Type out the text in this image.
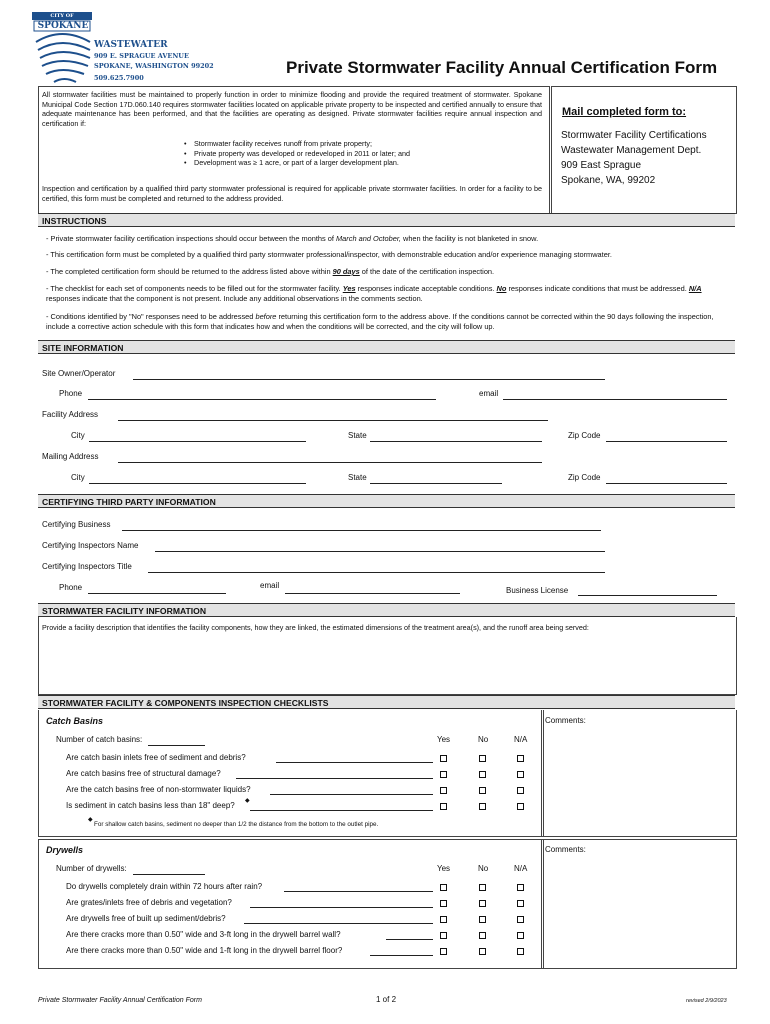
CITY OF
SPOKANE
WASTEWATER
909 E. SPRAGUE AVENUE
SPOKANE, WASHINGTON 99202
509.625.7900
Private Stormwater Facility Annual Certification Form
All stormwater facilities must be maintained to properly function in order to minimize flooding and provide the required treatment of stormwater. Spokane Municipal Code Section 17D.060.140 requires stormwater facilities located on applicable private property to be inspected and certified annually to ensure that adequate maintenance has been performed, and that the facilities are operating as designed. Private stormwater facilities require annual inspection and certification if:
• Stormwater facility receives runoff from private property;
• Private property was developed or redeveloped in 2011 or later; and
• Development was ≥ 1 acre, or part of a larger development plan.
Inspection and certification by a qualified third party stormwater professional is required for applicable private stormwater facilities. In order for a facility to be certified, this form must be completed and returned to the address provided.
Mail completed form to:
Stormwater Facility Certifications
Wastewater Management Dept.
909 East Sprague
Spokane, WA, 99202
INSTRUCTIONS
- Private stormwater facility certification inspections should occur between the months of March and October, when the facility is not blanketed in snow.
- This certification form must be completed by a qualified third party stormwater professional/inspector, with demonstrable education and/or experience managing stormwater.
- The completed certification form should be returned to the address listed above within 90 days of the date of the certification inspection.
- The checklist for each set of components needs to be filled out for the stormwater facility. Yes responses indicate acceptable conditions. No responses indicate conditions that must be addressed. N/A responses indicate that the component is not present. Include any additional observations in the comments section.
- Conditions identified by "No" responses need to be addressed before returning this certification form to the address above. If the conditions cannot be corrected within the 90 days following the inspection, include a corrective action schedule with this form that indicates how and when the conditions will be corrected, and the city will follow up.
SITE INFORMATION
Site Owner/Operator
Phone	email
Facility Address
City	State	Zip Code
Mailing Address
City	State	Zip Code
CERTIFYING THIRD PARTY INFORMATION
Certifying Business
Certifying Inspectors Name
Certifying Inspectors Title
Phone	email
Business License
STORMWATER FACILITY INFORMATION
Provide a facility description that identifies the facility components, how they are linked, the estimated dimensions of the treatment area(s), and the runoff area being served:
STORMWATER FACILITY & COMPONENTS INSPECTION CHECKLISTS
Comments:
Catch Basins
Number of catch basins:	Yes	No	N/A
Are catch basin inlets free of sediment and debris?
Are catch basins free of structural damage?
Are the catch basins free of non-stormwater liquids?
Is sediment in catch basins less than 18" deep? ◆
◆
For shallow catch basins, sediment no deeper than 1/2 the distance from the bottom to the outlet pipe.
Comments:
Drywells
Number of drywells:	Yes	No	N/A
Do drywells completely drain within 72 hours after rain?
Are grates/inlets free of debris and vegetation?
Are drywells free of built up sediment/debris?
Are there cracks more than 0.50" wide and 3-ft long in the drywell barrel wall?
Are there cracks more than 0.50" wide and 1-ft long in the drywell barrel floor?
Private Stormwater Facility Annual Certification Form	1 of 2	revised 2/9/2023
